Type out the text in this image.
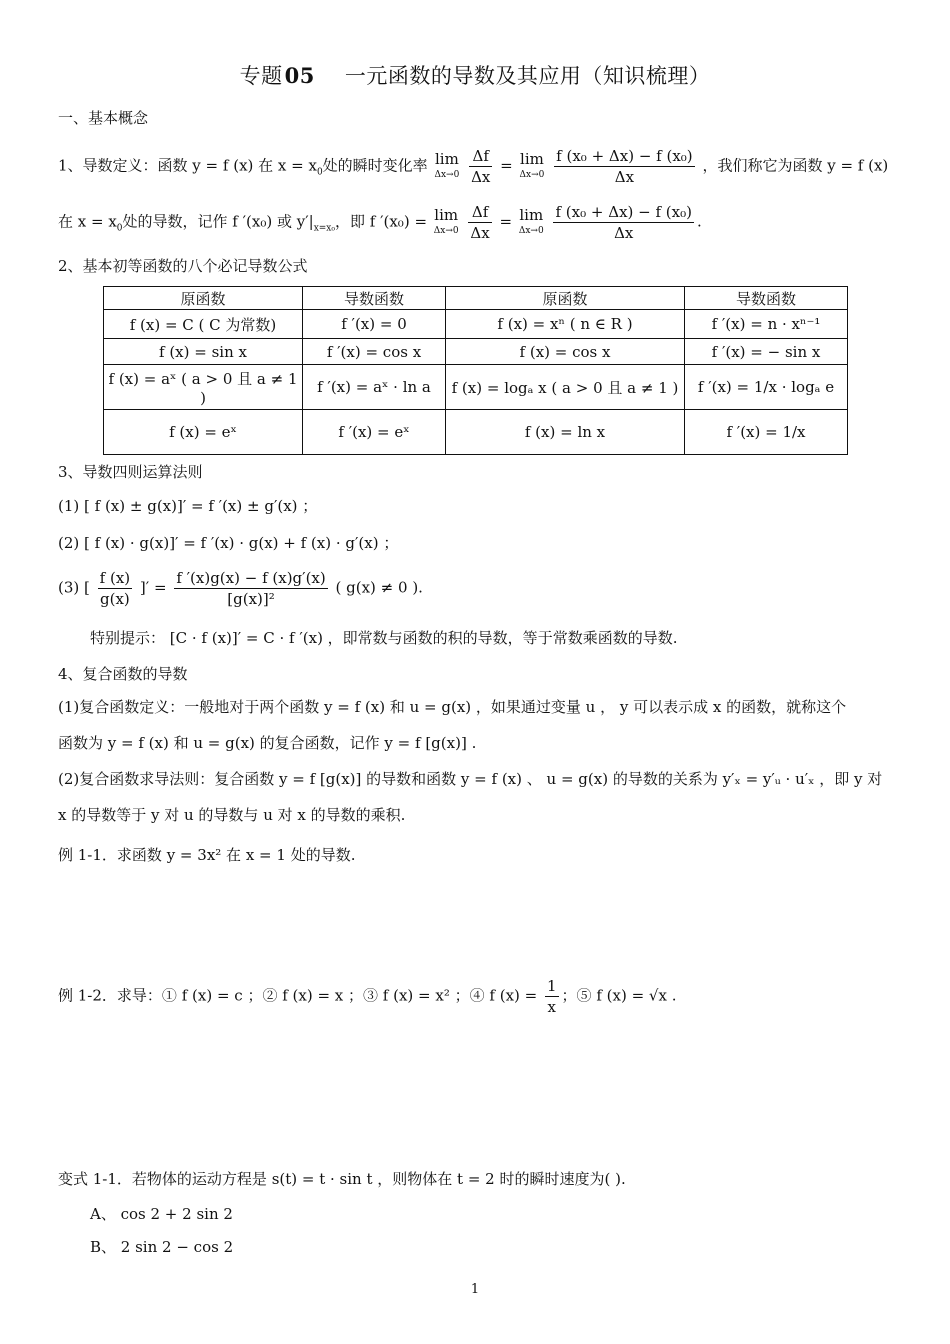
专题05 一元函数的导数及其应用（知识梳理）
一、基本概念
1、导数定义：函数 y = f (x) 在 $x = x_0$处的瞬时变化率 lim
Δx→0
$\frac{\Delta f}{\Delta x} = \lim$
Δx→0
$\frac{\text{f (x₀ + Δx) − f (x₀)}}{\Delta x}$ ，我们称它为函数 y = f (x)
在 $x = x_0$处的导数，记作 f ′(x₀) 或 $y'|_{x=x_0}$，即 f ′(x₀) = lim
Δx→0
$\frac{\Delta f}{\Delta x} = \lim$
Δx→0
$\frac{\text{f (x₀ + Δx) − f (x₀)}}{\Delta x}$ .
2、基本初等函数的八个必记导数公式
原函数	导数函数	原函数	导数函数
f (x) = C ( C 为常数)	f ′(x) = 0	f (x) = xⁿ ( n ∈ R )	f ′(x) = n · xⁿ⁻¹
f (x) = sin x	f ′(x) = cos x	f (x) = cos x	f ′(x) = − sin x
f (x) = aˣ ( a > 0 且 a ≠ 1 )	f ′(x) = aˣ · ln a	f (x) = logₐ x ( a > 0 且 a ≠ 1 )	f ′(x) = 1/x · logₐ e
f (x) = eˣ	f ′(x) = eˣ	f (x) = ln x	f ′(x) = 1/x
3、导数四则运算法则
(1) [ f (x) ± g(x)]′ = f ′(x) ± g′(x) ；
(2) [ f (x) · g(x)]′ = f ′(x) · g(x) + f (x) · g′(x) ；
(3) [ $\frac{f (x)}{g(x)}$ ]′ = $\frac{f '(x)g(x) - f (x)g'(x)}{\text{[g(x)]²}}$ ( g(x) ≠ 0 ).
特别提示： [C · f (x)]′ = C · f ′(x) ，即常数与函数的积的导数，等于常数乘函数的导数.
4、复合函数的导数
(1)复合函数定义：一般地对于两个函数 y = f (x) 和 u = g(x) ，如果通过变量 u ， y 可以表示成 x 的函数，就称这个
函数为 y = f (x) 和 u = g(x) 的复合函数，记作 y = f [g(x)] .
(2)复合函数求导法则：复合函数 y = f [g(x)] 的导数和函数 y = f (x) 、 u = g(x) 的导数的关系为 y′ₓ = y′ᵤ · u′ₓ ，即 y 对
x 的导数等于 y 对 u 的导数与 u 对 x 的导数的乘积.
例 1-1．求函数 y = 3x² 在 x = 1 处的导数.
例 1-2．求导：① f (x) = c ；② f (x) = x ；③ f (x) = x² ；④ f $(x) = \frac{1}{x}$ ；⑤ f (x) = √x .
变式 1-1．若物体的运动方程是 s(t) = t · sin t ，则物体在 t = 2 时的瞬时速度为( ).
A、 cos 2 + 2 sin 2
B、 2 sin 2 − cos 2
1
